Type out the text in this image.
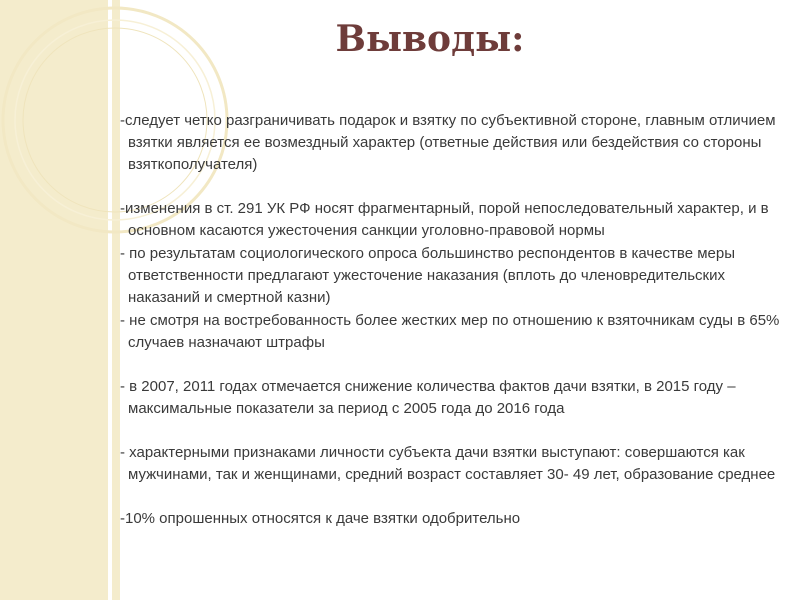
Выводы:

-следует четко разграничивать подарок и взятку по субъективной стороне, главным отличием взятки является ее возмездный характер (ответные действия или бездействия со стороны взяткополучателя)

-изменения в ст. 291 УК РФ носят фрагментарный, порой непоследовательный характер, и в основном касаются ужесточения санкции уголовно-правовой нормы

- по результатам социологического опроса большинство респондентов в качестве меры ответственности предлагают ужесточение наказания (вплоть до членовредительских наказаний и смертной казни)

- не смотря на востребованность более жестких мер по отношению к взяточникам суды в 65% случаев назначают штрафы

- в 2007, 2011 годах отмечается снижение количества фактов дачи взятки, в 2015 году – максимальные показатели за период с 2005 года до 2016 года

- характерными признаками личности субъекта дачи взятки выступают: совершаются как мужчинами, так и женщинами, средний возраст составляет 30- 49 лет, образование среднее

-10% опрошенных относятся к даче взятки одобрительно
